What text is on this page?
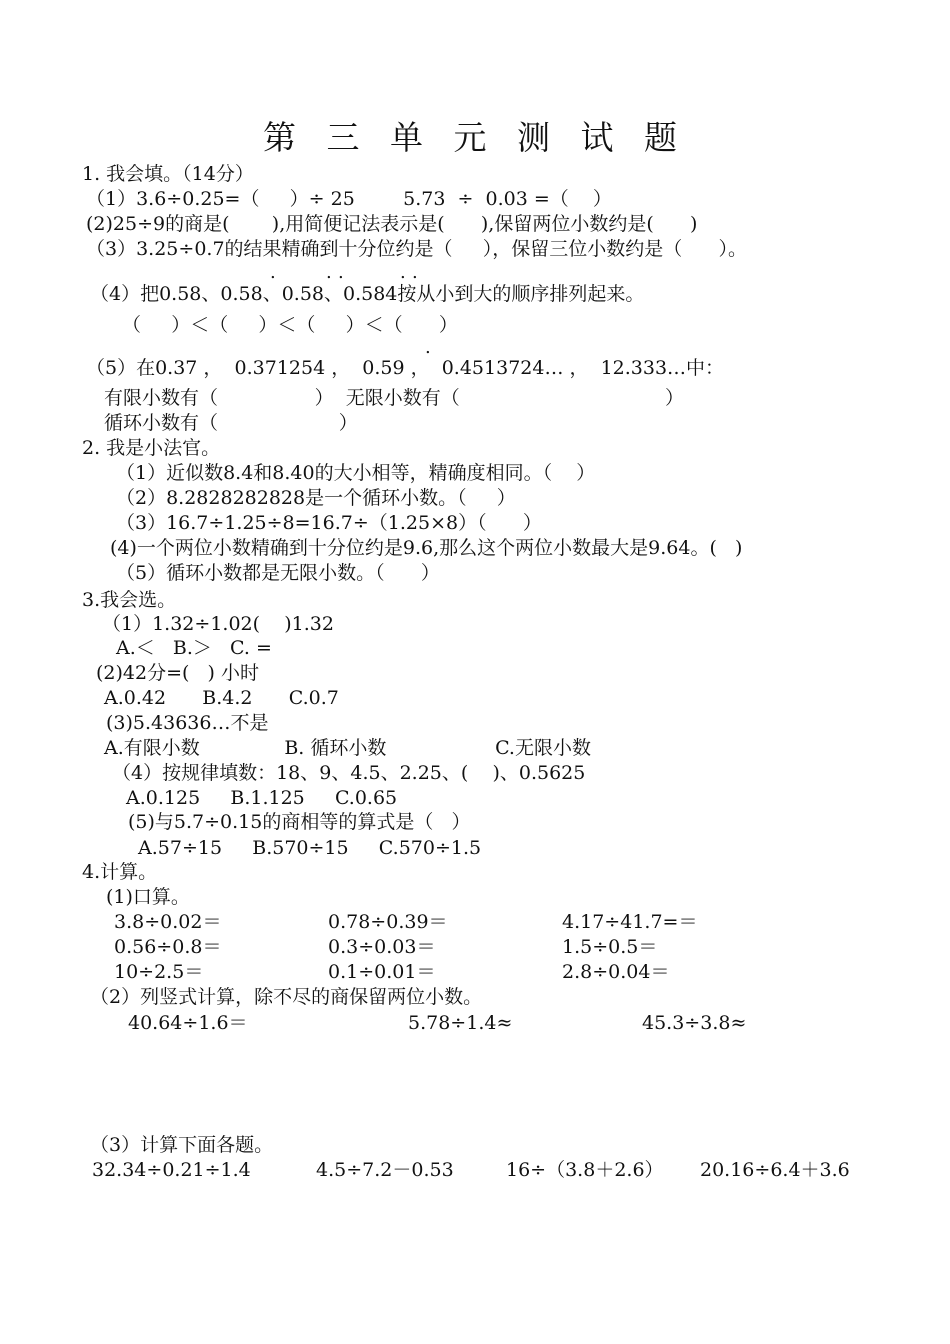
第 三 单 元 测 试 题
1. 我会填。（14分）
（1）3.6÷0.25=（     ）÷ 25        5.73  ÷  0.03 =（    ）
(2)25÷9的商是(       ),用简便记法表示是(      ),保留两位小数约是(      )
（3）3.25÷0.7的结果精确到十分位约是（     ），保留三位小数约是（      ）。
（4）把0.58、0.58、0.58、0.584按从小到大的顺序排列起来。
（     ）＜（     ）＜（     ）＜（      ）
（5）在0.37 ，  0.371254 ，  0.59 ，  0.4513724… ，  12.333…中：
有限小数有（                ）  无限小数有（                                  ）
循环小数有（                    ）
2. 我是小法官。
（1）近似数8.4和8.40的大小相等，精确度相同。（    ）
（2）8.2828282828是一个循环小数。（     ）
（3）16.7÷1.25÷8=16.7÷（1.25×8）（      ）
(4)一个两位小数精确到十分位约是9.6,那么这个两位小数最大是9.64。(   )
（5）循环小数都是无限小数。（      ）
3.我会选。
（1）1.32÷1.02(    )1.32
A.＜   B.＞   C. =
(2)42分=(   ) 小时
A.0.42      B.4.2      C.0.7
(3)5.43636…不是
A.有限小数              B. 循环小数                  C.无限小数
（4）按规律填数：18、9、4.5、2.25、(    )、0.5625
A.0.125     B.1.125     C.0.65
(5)与5.7÷0.15的商相等的算式是（   ）
A.57÷15     B.570÷15     C.570÷1.5
4.计算。
(1)口算。
3.8÷0.02＝	0.78÷0.39＝	4.17÷41.7=＝
0.56÷0.8＝	0.3÷0.03＝	1.5÷0.5＝
10÷2.5＝	0.1÷0.01＝	2.8÷0.04＝
（2）列竖式计算，除不尽的商保留两位小数。
40.64÷1.6＝	5.78÷1.4≈	45.3÷3.8≈
（3）计算下面各题。
32.34÷0.21÷1.4	4.5÷7.2－0.53	16÷（3.8＋2.6） 20.16÷6.4＋3.6
.	. .	. .
.
